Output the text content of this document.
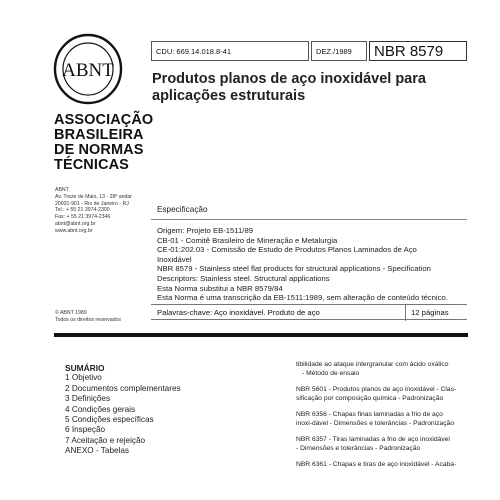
ABNT
ASSOCIAÇÃO
BRASILEIRA
DE NORMAS
TÉCNICAS
ABNT
Av. Treze de Maio, 13 - 28º andar
20031-901 - Rio de Janeiro - RJ
Tel.: + 55 21 3974-2300
Fax: + 55 21 3974-2346
abnt@abnt.org.br
www.abnt.org.br
© ABNT 1989
Todos os direitos reservados
CDU: 669.14.018.8-41	DEZ./1989	NBR 8579
Produtos planos de aço inoxidável para
aplicações estruturais
Especificação
Origem: Projeto EB-1511/89
CB-01 - Comitê Brasileiro de Mineração e Metalurgia
CE-01:202.03 - Comissão de Estudo de Produtos Planos Laminados de Aço
Inoxidável
NBR 8579 - Stainless steel flat products for structural applications - Specification
Descriptors: Stainless steel. Structural applications
Esta Norma substitui a NBR 8579/84
Esta Norma é uma transcrição da EB-1511:1989, sem alteração de conteúdo técnico.
Palavras-chave: Aço inoxidável. Produto de aço	12 páginas
SUMÁRIO
1 Objetivo
2 Documentos complementares
3 Definições
4 Condições gerais
5 Condições específicas
6 Inspeção
7 Aceitação e rejeição
ANEXO - Tabelas
tibilidade ao ataque intergranular com ácido oxálico
- Método de ensaio
NBR 5601 - Produtos planos de aço inoxidável - Clas-
sificação por composição química - Padronização
NBR 6356 - Chapas finas laminadas a frio de aço
inoxi-dável - Dimensões e tolerâncias - Padronização
NBR 6357 - Tiras laminadas a frio de aço inoxidável
- Dimensões e tolerâncias - Padronização
NBR 6361 - Chapas e tiras de aço inoxidável - Acaba-
